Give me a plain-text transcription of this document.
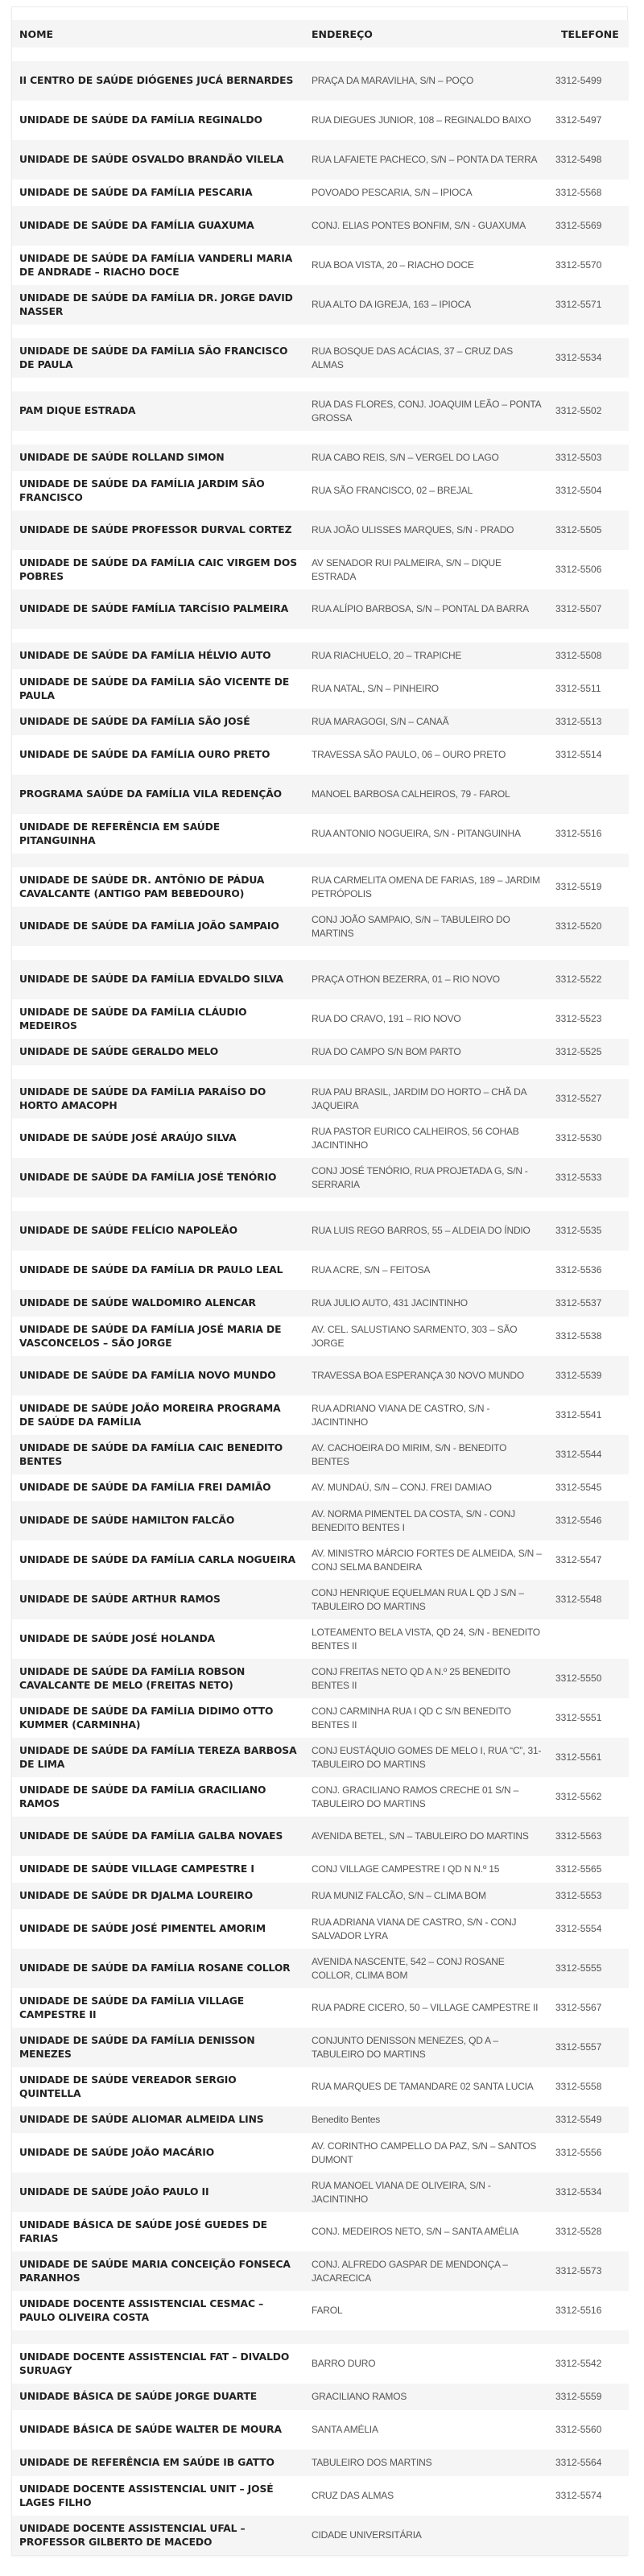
NOME	ENDEREÇO	TELEFONE

II CENTRO DE SAÚDE DIÓGENES JUCÁ BERNARDES	PRAÇA DA MARAVILHA, S/N – POÇO	3312-5499
UNIDADE DE SAÚDE DA FAMÍLIA REGINALDO	RUA DIEGUES JUNIOR, 108 – REGINALDO BAIXO	3312-5497
UNIDADE DE SAÚDE OSVALDO BRANDÃO VILELA	RUA LAFAIETE PACHECO, S/N – PONTA DA TERRA	3312-5498
UNIDADE DE SAÚDE DA FAMÍLIA PESCARIA	POVOADO PESCARIA, S/N – IPIOCA	3312-5568
UNIDADE DE SAÚDE DA FAMÍLIA GUAXUMA	CONJ. ELIAS PONTES BONFIM, S/N - GUAXUMA	3312-5569
UNIDADE DE SAÚDE DA FAMÍLIA VANDERLI MARIA DE ANDRADE – RIACHO DOCE	RUA BOA VISTA, 20 – RIACHO DOCE	3312-5570
UNIDADE DE SAÚDE DA FAMÍLIA DR. JORGE DAVID NASSER	RUA ALTO DA IGREJA, 163 – IPIOCA	3312-5571

UNIDADE DE SAÚDE DA FAMÍLIA SÃO FRANCISCO DE PAULA	RUA BOSQUE DAS ACÁCIAS, 37 – CRUZ DAS ALMAS	3312-5534

PAM DIQUE ESTRADA	RUA DAS FLORES, CONJ. JOAQUIM LEÃO – PONTA GROSSA	3312-5502

UNIDADE DE SAÚDE ROLLAND SIMON	RUA CABO REIS, S/N – VERGEL DO LAGO	3312-5503
UNIDADE DE SAÚDE DA FAMÍLIA JARDIM SÃO FRANCISCO	RUA SÃO FRANCISCO, 02 – BREJAL	3312-5504
UNIDADE DE SAÚDE PROFESSOR DURVAL CORTEZ	RUA JOÃO ULISSES MARQUES, S/N - PRADO	3312-5505
UNIDADE DE SAÚDE DA FAMÍLIA CAIC VIRGEM DOS POBRES	AV SENADOR RUI PALMEIRA, S/N – DIQUE ESTRADA	3312-5506
UNIDADE DE SAÚDE FAMÍLIA TARCÍSIO PALMEIRA	RUA ALÍPIO BARBOSA, S/N – PONTAL DA BARRA	3312-5507

UNIDADE DE SAÚDE DA FAMÍLIA HÉLVIO AUTO	RUA RIACHUELO, 20 – TRAPICHE	3312-5508
UNIDADE DE SAÚDE DA FAMÍLIA SÃO VICENTE DE PAULA	RUA NATAL, S/N – PINHEIRO	3312-5511
UNIDADE DE SAÚDE DA FAMÍLIA SÃO JOSÉ	RUA MARAGOGI, S/N – CANAÃ	3312-5513
UNIDADE DE SAÚDE DA FAMÍLIA OURO PRETO	TRAVESSA SÃO PAULO, 06 – OURO PRETO	3312-5514
PROGRAMA SAÚDE DA FAMÍLIA VILA REDENÇÃO	MANOEL BARBOSA CALHEIROS, 79 - FAROL	
UNIDADE DE REFERÊNCIA EM SAÚDE PITANGUINHA	RUA ANTONIO NOGUEIRA, S/N - PITANGUINHA	3312-5516

UNIDADE DE SAÚDE DR. ANTÔNIO DE PÁDUA CAVALCANTE (ANTIGO PAM BEBEDOURO)	RUA CARMELITA OMENA DE FARIAS, 189 – JARDIM PETRÓPOLIS	3312-5519
UNIDADE DE SAÚDE DA FAMÍLIA JOÃO SAMPAIO	CONJ JOÃO SAMPAIO, S/N – TABULEIRO DO MARTINS	3312-5520

UNIDADE DE SAÚDE DA FAMÍLIA EDVALDO SILVA	PRAÇA OTHON BEZERRA, 01 – RIO NOVO	3312-5522
UNIDADE DE SAÚDE DA FAMÍLIA CLÁUDIO MEDEIROS	RUA DO CRAVO, 191 – RIO NOVO	3312-5523
UNIDADE DE SAÚDE GERALDO MELO	RUA DO CAMPO S/N BOM PARTO	3312-5525

UNIDADE DE SAÚDE DA FAMÍLIA PARAÍSO DO HORTO AMACOPH	RUA PAU BRASIL, JARDIM DO HORTO – CHÃ DA JAQUEIRA	3312-5527
UNIDADE DE SAÚDE JOSÉ ARAÚJO SILVA	RUA PASTOR EURICO CALHEIROS, 56 COHAB JACINTINHO	3312-5530
UNIDADE DE SAÚDE DA FAMÍLIA JOSÉ TENÓRIO	CONJ JOSÉ TENÓRIO, RUA PROJETADA G, S/N - SERRARIA	3312-5533

UNIDADE DE SAÚDE FELÍCIO NAPOLEÃO	RUA LUIS REGO BARROS, 55 – ALDEIA DO ÍNDIO	3312-5535
UNIDADE DE SAÚDE DA FAMÍLIA DR PAULO LEAL	RUA ACRE, S/N – FEITOSA	3312-5536
UNIDADE DE SAÚDE WALDOMIRO ALENCAR	RUA JULIO AUTO, 431 JACINTINHO	3312-5537
UNIDADE DE SAÚDE DA FAMÍLIA JOSÉ MARIA DE VASCONCELOS – SÃO JORGE	AV. CEL. SALUSTIANO SARMENTO, 303 – SÃO JORGE	3312-5538
UNIDADE DE SAÚDE DA FAMÍLIA NOVO MUNDO	TRAVESSA BOA ESPERANÇA 30 NOVO MUNDO	3312-5539
UNIDADE DE SAÚDE JOÃO MOREIRA PROGRAMA DE SAÚDE DA FAMÍLIA	RUA ADRIANO VIANA DE CASTRO, S/N - JACINTINHO	3312-5541
UNIDADE DE SAÚDE DA FAMÍLIA CAIC BENEDITO BENTES	AV. CACHOEIRA DO MIRIM, S/N - BENEDITO BENTES	3312-5544
UNIDADE DE SAÚDE DA FAMÍLIA FREI DAMIÃO	AV. MUNDAÚ, S/N – CONJ. FREI DAMIAO	3312-5545
UNIDADE DE SAÚDE HAMILTON FALCÃO	AV. NORMA PIMENTEL DA COSTA, S/N - CONJ BENEDITO BENTES I	3312-5546
UNIDADE DE SAÚDE DA FAMÍLIA CARLA NOGUEIRA	AV. MINISTRO MÁRCIO FORTES DE ALMEIDA, S/N – CONJ SELMA BANDEIRA	3312-5547
UNIDADE DE SAÚDE ARTHUR RAMOS	CONJ HENRIQUE EQUELMAN RUA L QD J S/N – TABULEIRO DO MARTINS	3312-5548
UNIDADE DE SAÚDE JOSÉ HOLANDA	LOTEAMENTO BELA VISTA, QD 24, S/N - BENEDITO BENTES II	
UNIDADE DE SAÚDE DA FAMÍLIA ROBSON CAVALCANTE DE MELO (FREITAS NETO)	CONJ FREITAS NETO QD A N.º 25 BENEDITO BENTES II	3312-5550
UNIDADE DE SAÚDE DA FAMÍLIA DIDIMO OTTO KUMMER (CARMINHA)	CONJ CARMINHA RUA I QD C S/N BENEDITO BENTES II	3312-5551
UNIDADE DE SAÚDE DA FAMÍLIA TEREZA BARBOSA DE LIMA	CONJ EUSTÁQUIO GOMES DE MELO I, RUA “C”, 31- TABULEIRO DO MARTINS	3312-5561
UNIDADE DE SAÚDE DA FAMÍLIA GRACILIANO RAMOS	CONJ. GRACILIANO RAMOS CRECHE 01 S/N – TABULEIRO DO MARTINS	3312-5562
UNIDADE DE SAÚDE DA FAMÍLIA GALBA NOVAES	AVENIDA BETEL, S/N – TABULEIRO DO MARTINS	3312-5563
UNIDADE DE SAÚDE VILLAGE CAMPESTRE I	CONJ VILLAGE CAMPESTRE I QD N N.º 15	3312-5565
UNIDADE DE SAÚDE DR DJALMA LOUREIRO	RUA MUNIZ FALCÃO, S/N – CLIMA BOM	3312-5553
UNIDADE DE SAÚDE JOSÉ PIMENTEL AMORIM	RUA ADRIANA VIANA DE CASTRO, S/N - CONJ SALVADOR LYRA	3312-5554
UNIDADE DE SAÚDE DA FAMÍLIA ROSANE COLLOR	AVENIDA NASCENTE, 542 – CONJ ROSANE COLLOR, CLIMA BOM	3312-5555
UNIDADE DE SAÚDE DA FAMÍLIA VILLAGE CAMPESTRE II	RUA PADRE CICERO, 50 – VILLAGE CAMPESTRE II	3312-5567
UNIDADE DE SAÚDE DA FAMÍLIA DENISSON MENEZES	CONJUNTO DENISSON MENEZES, QD A – TABULEIRO DO MARTINS	3312-5557
UNIDADE DE SAÚDE VEREADOR SERGIO QUINTELLA	RUA MARQUES DE TAMANDARE 02 SANTA LUCIA	3312-5558
UNIDADE DE SAÚDE ALIOMAR ALMEIDA LINS	Benedito Bentes	3312-5549
UNIDADE DE SAÚDE JOÃO MACÁRIO	AV. CORINTHO CAMPELLO DA PAZ, S/N – SANTOS DUMONT	3312-5556
UNIDADE DE SAÚDE JOÃO PAULO II	RUA MANOEL VIANA DE OLIVEIRA, S/N - JACINTINHO	3312-5534
UNIDADE BÁSICA DE SAÚDE JOSÉ GUEDES DE FARIAS	CONJ. MEDEIROS NETO, S/N – SANTA AMÉLIA	3312-5528
UNIDADE DE SAÚDE MARIA CONCEIÇÃO FONSECA PARANHOS	CONJ. ALFREDO GASPAR DE MENDONÇA – JACARECICA	3312-5573
UNIDADE DOCENTE ASSISTENCIAL CESMAC – PAULO OLIVEIRA COSTA	FAROL	3312-5516

UNIDADE DOCENTE ASSISTENCIAL FAT – DIVALDO SURUAGY	BARRO DURO	3312-5542
UNIDADE BÁSICA DE SAÚDE JORGE DUARTE	GRACILIANO RAMOS	3312-5559
UNIDADE BÁSICA DE SAÚDE WALTER DE MOURA	SANTA AMÉLIA	3312-5560
UNIDADE DE REFERÊNCIA EM SAÚDE IB GATTO	TABULEIRO DOS MARTINS	3312-5564
UNIDADE DOCENTE ASSISTENCIAL UNIT – JOSÉ LAGES FILHO	CRUZ DAS ALMAS	3312-5574
UNIDADE DOCENTE ASSISTENCIAL UFAL – PROFESSOR GILBERTO DE MACEDO	CIDADE UNIVERSITÁRIA	
